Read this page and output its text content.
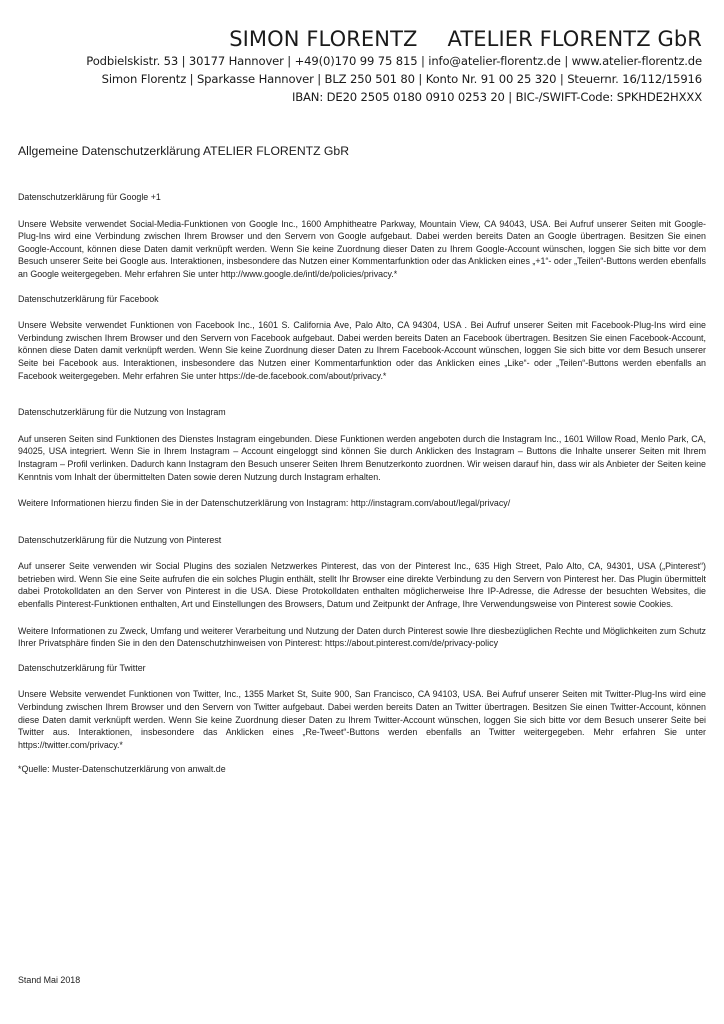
SIMON FLORENTZ ATELIER FLORENTZ GbR
Podbielskistr. 53 | 30177 Hannover | +49(0)170 99 75 815 | info@atelier-florentz.de | www.atelier-florentz.de
Simon Florentz | Sparkasse Hannover | BLZ 250 501 80 | Konto Nr. 91 00 25 320 | Steuernr. 16/112/15916
IBAN: DE20 2505 0180 0910 0253 20 | BIC-/SWIFT-Code: SPKHDE2HXXX
Allgemeine Datenschutzerklärung ATELIER FLORENTZ GbR
Datenschutzerklärung für Google +1

Unsere Website verwendet Social-Media-Funktionen von Google Inc., 1600 Amphitheatre Parkway, Mountain View, CA 94043, USA. Bei Aufruf unserer Seiten mit Google-Plug-Ins wird eine Verbindung zwischen Ihrem Browser und den Servern von Google aufgebaut. Dabei werden bereits Daten an Google übertragen. Besitzen Sie einen Google-Account, können diese Daten damit verknüpft werden. Wenn Sie keine Zuordnung dieser Daten zu Ihrem Google-Account wünschen, loggen Sie sich bitte vor dem Besuch unserer Seite bei Google aus. Interaktionen, insbesondere das Nutzen einer Kommentarfunktion oder das Anklicken eines „+1“- oder „Teilen“-Buttons werden ebenfalls an Google weitergegeben. Mehr erfahren Sie unter http://www.google.de/intl/de/policies/privacy.*

Datenschutzerklärung für Facebook

Unsere Website verwendet Funktionen von Facebook Inc., 1601 S. California Ave, Palo Alto, CA 94304, USA . Bei Aufruf unserer Seiten mit Facebook-Plug-Ins wird eine Verbindung zwischen Ihrem Browser und den Servern von Facebook aufgebaut. Dabei werden bereits Daten an Facebook übertragen. Besitzen Sie einen Facebook-Account, können diese Daten damit verknüpft werden. Wenn Sie keine Zuordnung dieser Daten zu Ihrem Facebook-Account wünschen, loggen Sie sich bitte vor dem Besuch unserer Seite bei Facebook aus. Interaktionen, insbesondere das Nutzen einer Kommentarfunktion oder das Anklicken eines „Like“- oder „Teilen“-Buttons werden ebenfalls an Facebook weitergegeben. Mehr erfahren Sie unter https://de-de.facebook.com/about/privacy.*

Datenschutzerklärung für die Nutzung von Instagram

Auf unseren Seiten sind Funktionen des Dienstes Instagram eingebunden. Diese Funktionen werden angeboten durch die Instagram Inc., 1601 Willow Road, Menlo Park, CA, 94025, USA integriert. Wenn Sie in Ihrem Instagram – Account eingeloggt sind können Sie durch Anklicken des Instagram – Buttons die Inhalte unserer Seiten mit Ihrem Instagram – Profil verlinken. Dadurch kann Instagram den Besuch unserer Seiten Ihrem Benutzerkonto zuordnen. Wir weisen darauf hin, dass wir als Anbieter der Seiten keine Kenntnis vom Inhalt der übermittelten Daten sowie deren Nutzung durch Instagram erhalten.

Weitere Informationen hierzu finden Sie in der Datenschutzerklärung von Instagram: http://instagram.com/about/legal/privacy/

Datenschutzerklärung für die Nutzung von Pinterest

Auf unserer Seite verwenden wir Social Plugins des sozialen Netzwerkes Pinterest, das von der Pinterest Inc., 635 High Street, Palo Alto, CA, 94301, USA („Pinterest“) betrieben wird. Wenn Sie eine Seite aufrufen die ein solches Plugin enthält, stellt Ihr Browser eine direkte Verbindung zu den Servern von Pinterest her. Das Plugin übermittelt dabei Protokolldaten an den Server von Pinterest in die USA. Diese Protokolldaten enthalten möglicherweise Ihre IP-Adresse, die Adresse der besuchten Websites, die ebenfalls Pinterest-Funktionen enthalten, Art und Einstellungen des Browsers, Datum und Zeitpunkt der Anfrage, Ihre Verwendungsweise von Pinterest sowie Cookies.

Weitere Informationen zu Zweck, Umfang und weiterer Verarbeitung und Nutzung der Daten durch Pinterest sowie Ihre diesbezüglichen Rechte und Möglichkeiten zum Schutz Ihrer Privatsphäre finden Sie in den den Datenschutzhinweisen von Pinterest: https://about.pinterest.com/de/privacy-policy

Datenschutzerklärung für Twitter

Unsere Website verwendet Funktionen von Twitter, Inc., 1355 Market St, Suite 900, San Francisco, CA 94103, USA. Bei Aufruf unserer Seiten mit Twitter-Plug-Ins wird eine Verbindung zwischen Ihrem Browser und den Servern von Twitter aufgebaut. Dabei werden bereits Daten an Twitter übertragen. Besitzen Sie einen Twitter-Account, können diese Daten damit verknüpft werden. Wenn Sie keine Zuordnung dieser Daten zu Ihrem Twitter-Account wünschen, loggen Sie sich bitte vor dem Besuch unserer Seite bei Twitter aus. Interaktionen, insbesondere das Anklicken eines „Re-Tweet“-Buttons werden ebenfalls an Twitter weitergegeben. Mehr erfahren Sie unter https://twitter.com/privacy.*

*Quelle: Muster-Datenschutzerklärung von anwalt.de

Stand Mai 2018
